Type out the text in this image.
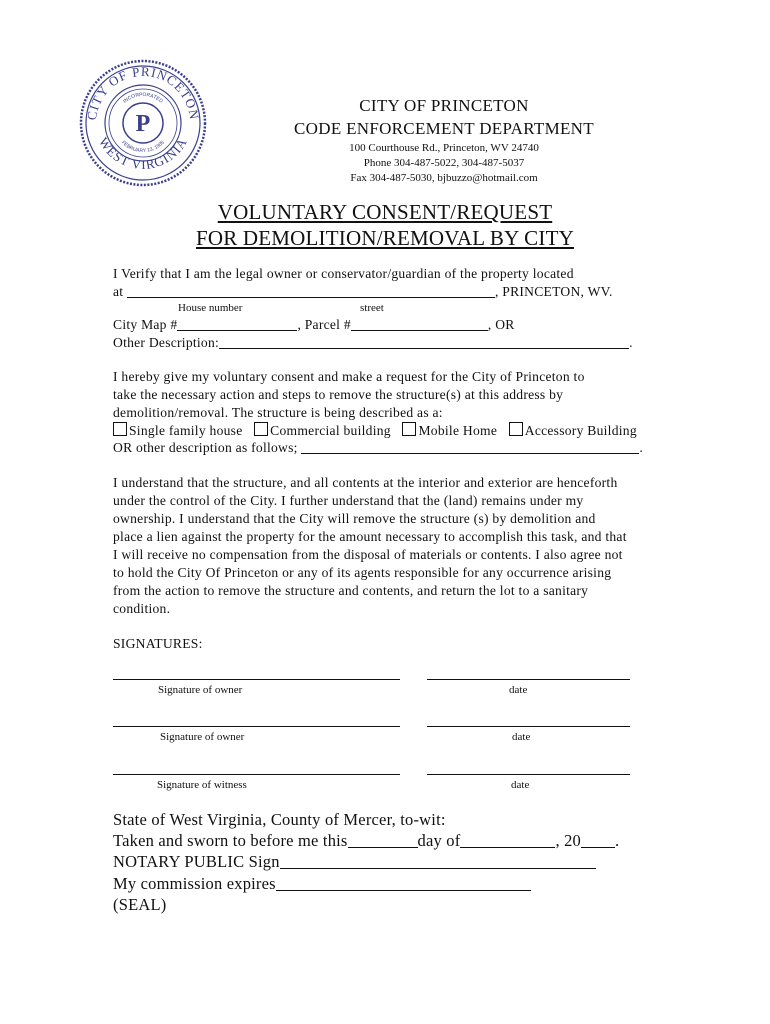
CITY OF PRINCETON
WEST VIRGINIA
INCORPORATED
FEBRUARY 13, 1905
P
CITY OF PRINCETON
CODE ENFORCEMENT DEPARTMENT
100 Courthouse Rd., Princeton, WV 24740
Phone 304-487-5022, 304-487-5037
Fax 304-487-5030, bjbuzzo@hotmail.com
VOLUNTARY CONSENT/REQUEST
FOR DEMOLITION/REMOVAL BY CITY
I Verify that I am the legal owner or conservator/guardian of the property located
at	, PRINCETON, WV.
House number	street
City Map #	, Parcel #	, OR
Other Description:	.
I hereby give my voluntary consent and make a request for the City of Princeton to
take the necessary action and steps to remove the structure(s) at this address by
demolition/removal. The structure is being described as a:
Single family house Commercial building Mobile Home Accessory Building
OR other description as follows;	.
I understand that the structure, and all contents at the interior and exterior are henceforth
under the control of the City. I further understand that the (land) remains under my
ownership. I understand that the City will remove the structure (s) by demolition and
place a lien against the property for the amount necessary to accomplish this task, and that
I will receive no compensation from the disposal of materials or contents. I also agree not
to hold the City Of Princeton or any of its agents responsible for any occurrence arising
from the action to remove the structure and contents, and return the lot to a sanitary
condition.
SIGNATURES:
Signature of owner	date
Signature of owner	date
Signature of witness	date
State of West Virginia, County of Mercer, to-wit:
Taken and sworn to before me this	day of	, 20 .
NOTARY PUBLIC Sign
My commission expires
(SEAL)
